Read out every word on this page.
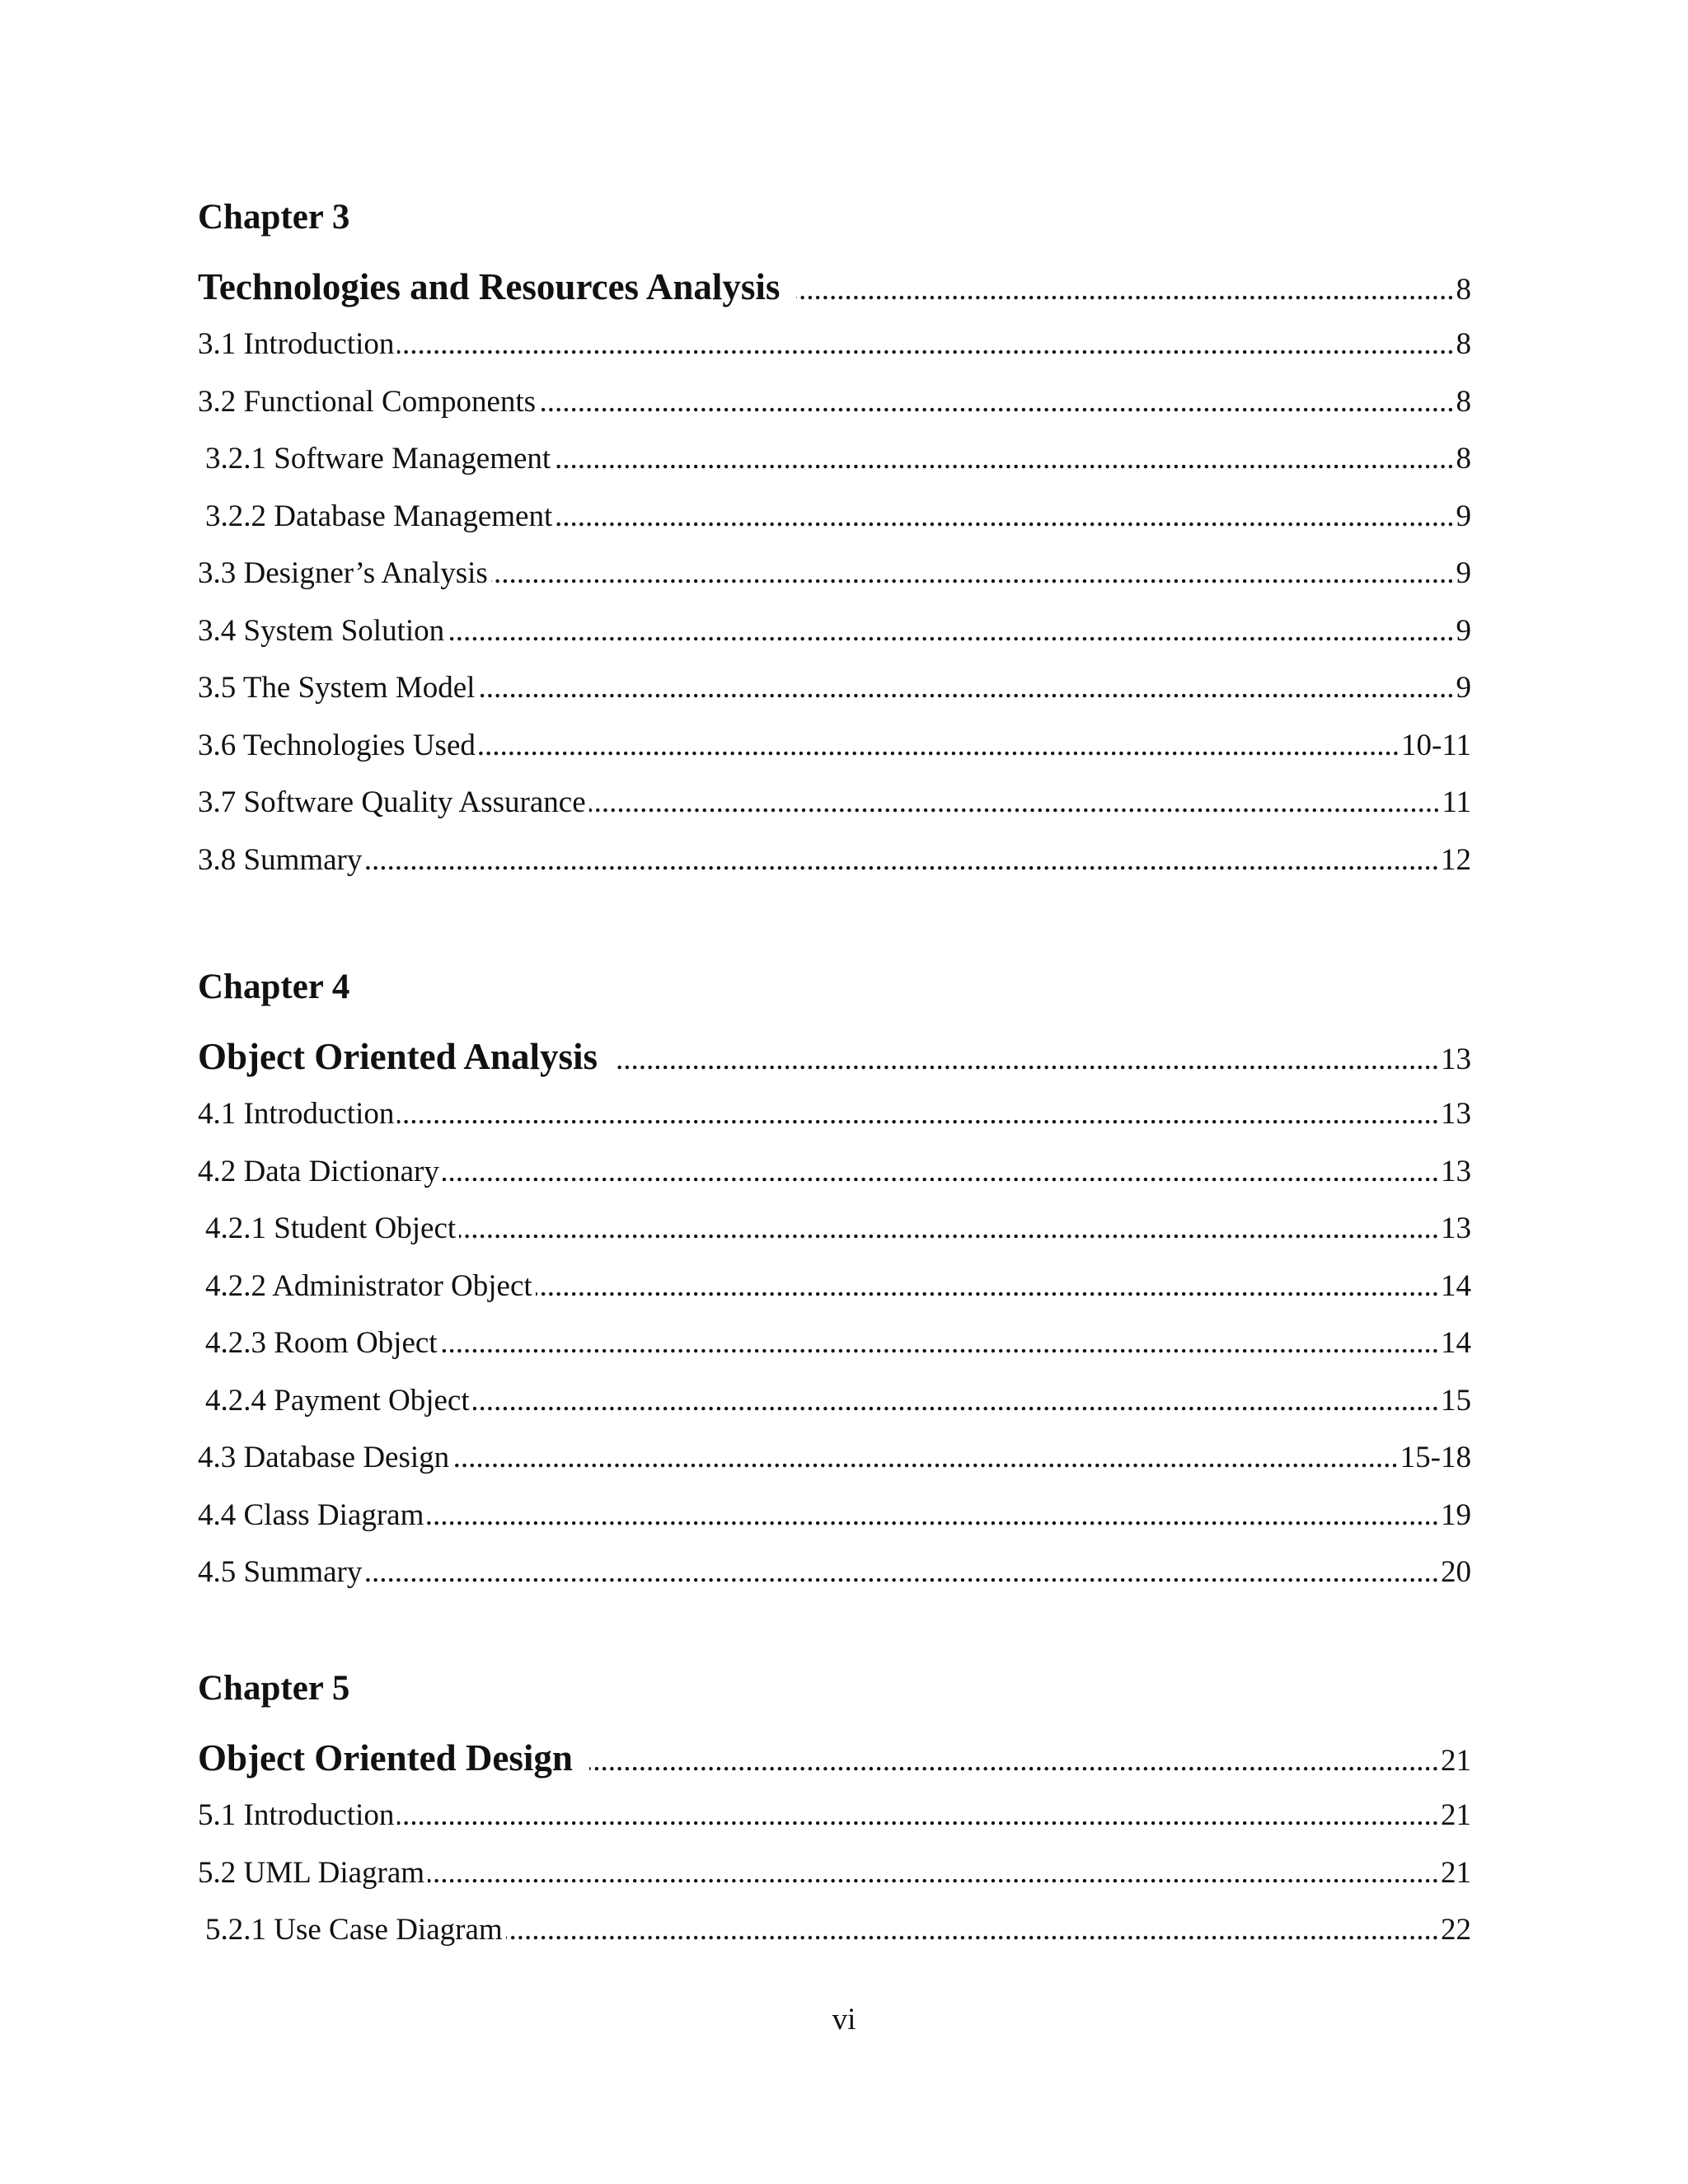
Chapter 3
Technologies and Resources Analysis .....	8
3.1 Introduction .....	8
3.2 Functional Components .....	8
3.2.1 Software Management .....	8
3.2.2 Database Management .....	9
3.3 Designer’s Analysis .....	9
3.4 System Solution .....	9
3.5 The System Model .....	9
3.6 Technologies Used .....	10-11
3.7 Software Quality Assurance .....	11
3.8 Summary .....	12
Chapter 4
Object Oriented Analysis .....	13
4.1 Introduction .....	13
4.2 Data Dictionary .....	13
4.2.1 Student Object .....	13
4.2.2 Administrator Object .....	14
4.2.3 Room Object .....	14
4.2.4 Payment Object .....	15
4.3 Database Design .....	15-18
4.4 Class Diagram .....	19
4.5 Summary .....	20
Chapter 5
Object Oriented Design .....	21
5.1 Introduction .....	21
5.2 UML Diagram .....	21
5.2.1 Use Case Diagram .....	22
vi
